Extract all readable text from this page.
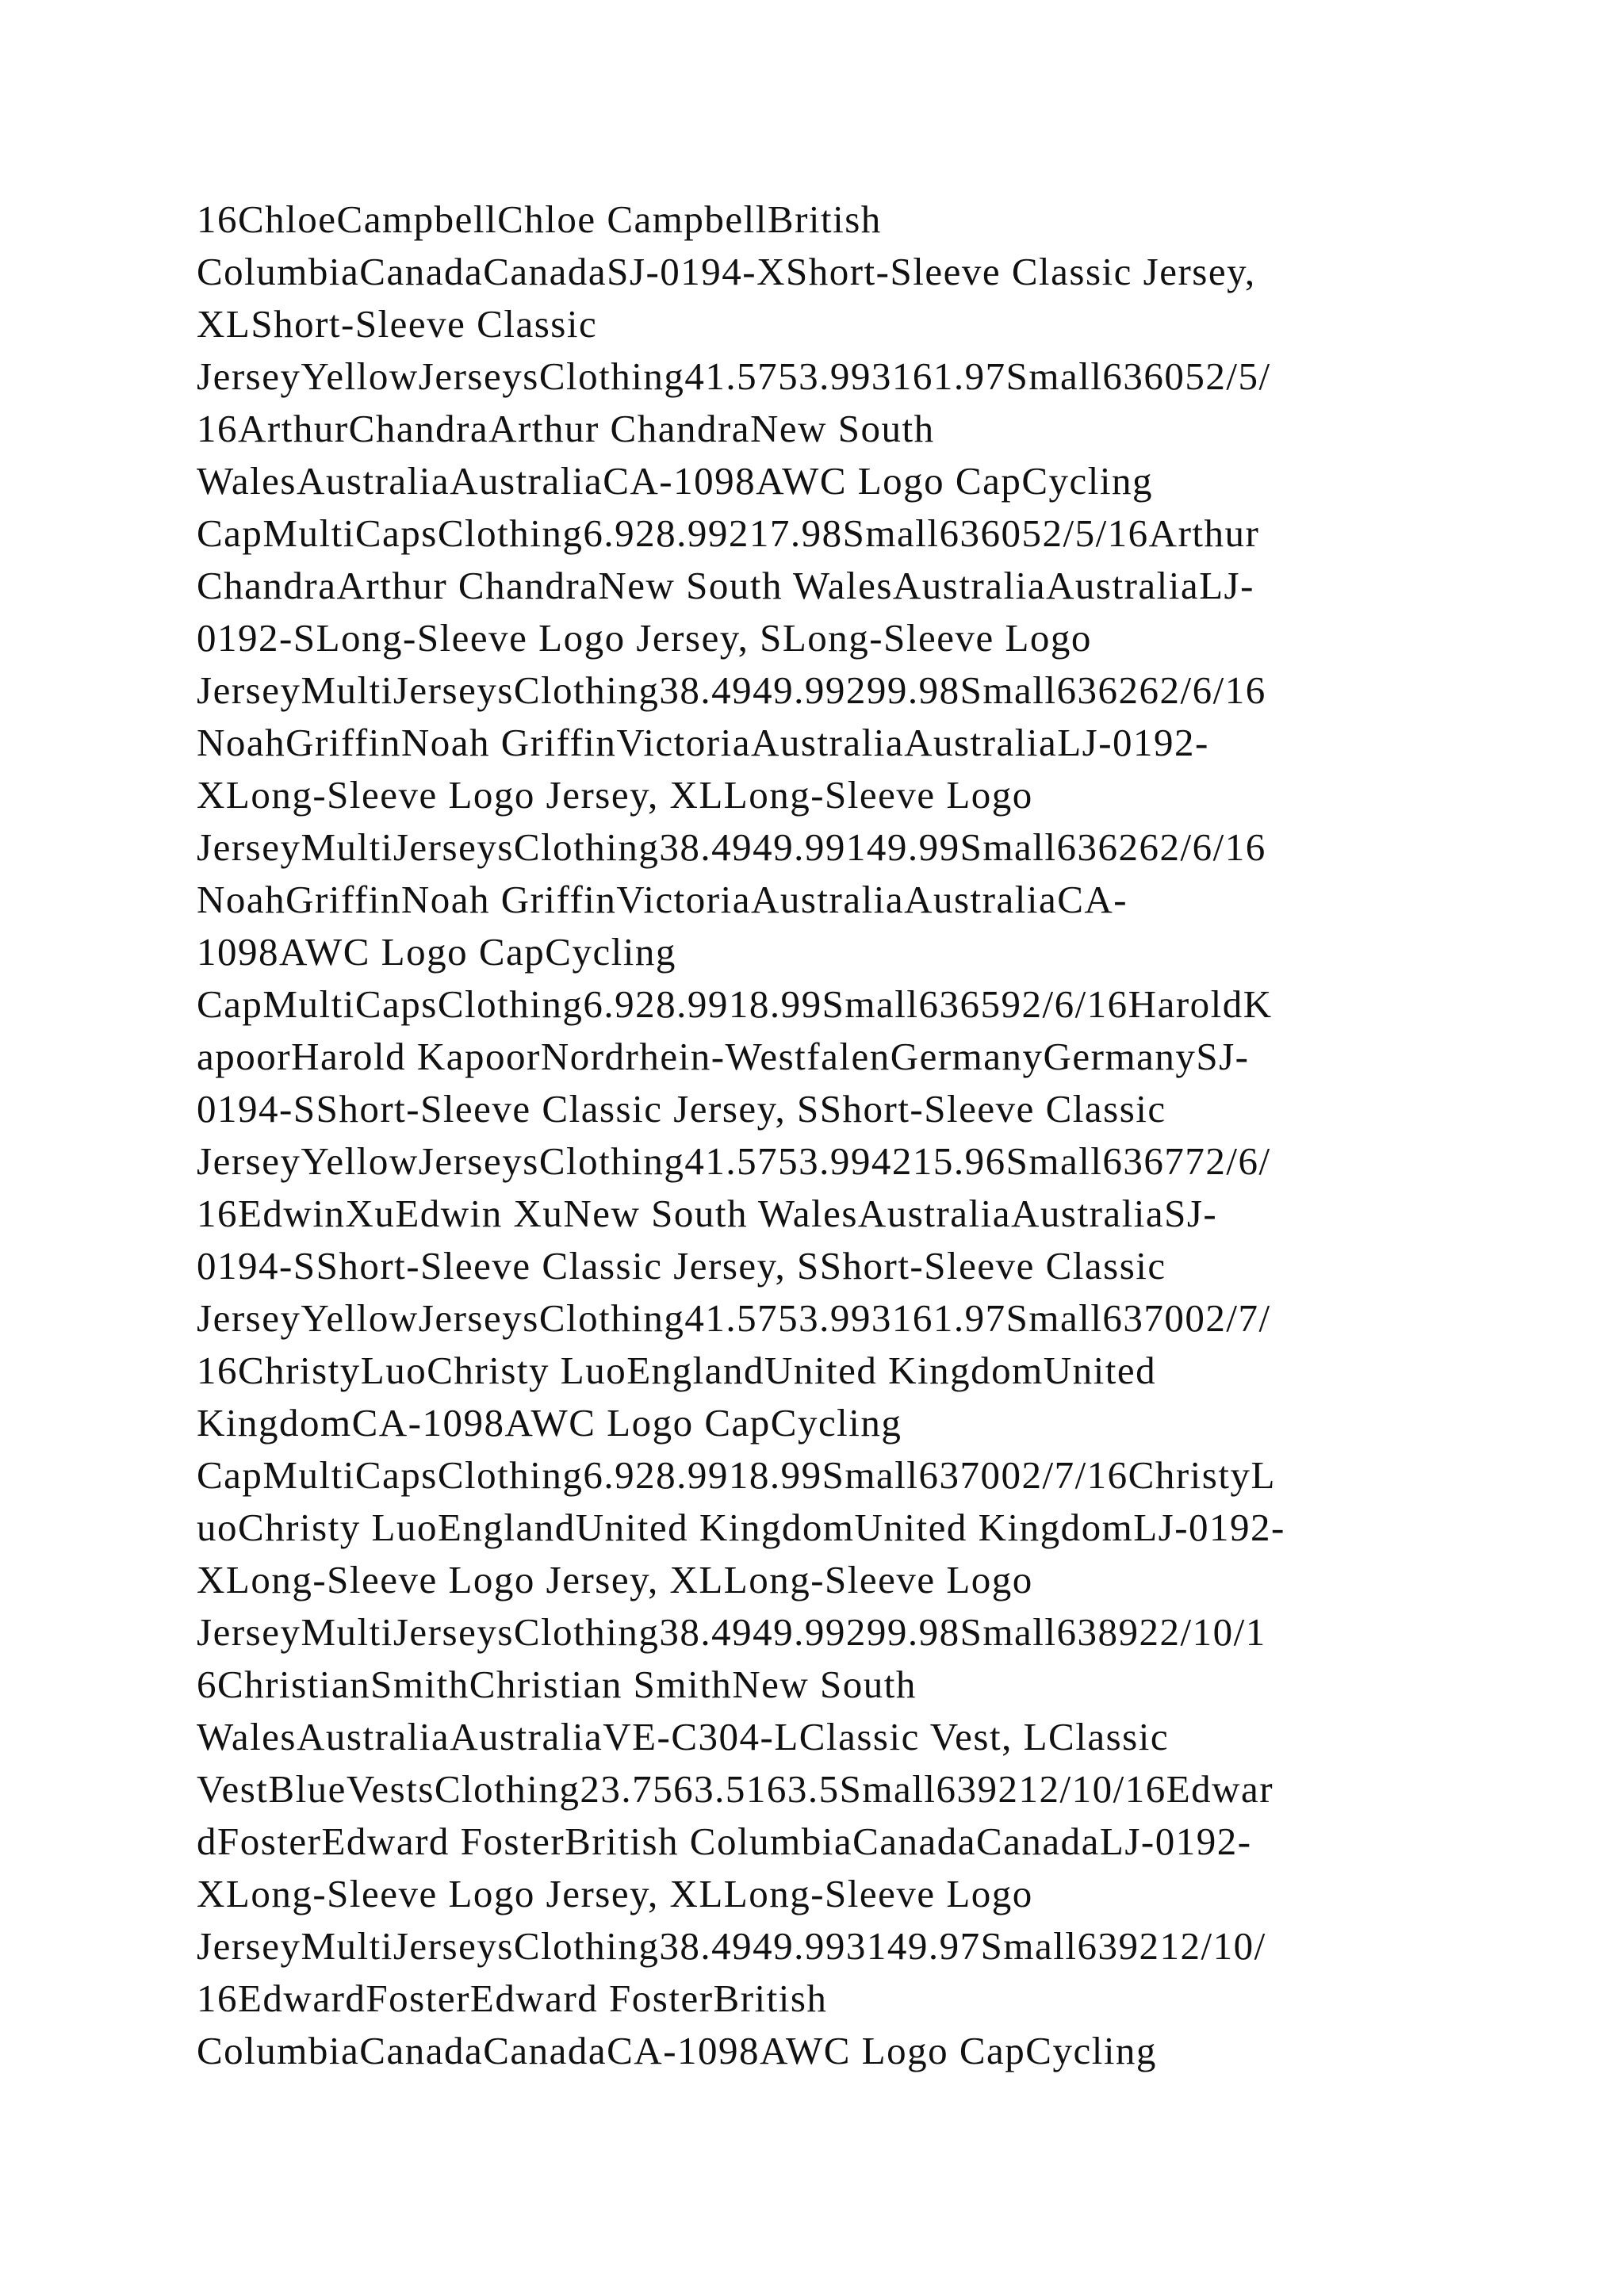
16ChloeCampbellChloe CampbellBritish
ColumbiaCanadaCanadaSJ-0194-XShort-Sleeve Classic Jersey,
XLShort-Sleeve Classic
JerseyYellowJerseysClothing41.5753.993161.97Small636052/5/
16ArthurChandraArthur ChandraNew South
WalesAustraliaAustraliaCA-1098AWC Logo CapCycling
CapMultiCapsClothing6.928.99217.98Small636052/5/16Arthur
ChandraArthur ChandraNew South WalesAustraliaAustraliaLJ-
0192-SLong-Sleeve Logo Jersey, SLong-Sleeve Logo
JerseyMultiJerseysClothing38.4949.99299.98Small636262/6/16
NoahGriffinNoah GriffinVictoriaAustraliaAustraliaLJ-0192-
XLong-Sleeve Logo Jersey, XLLong-Sleeve Logo
JerseyMultiJerseysClothing38.4949.99149.99Small636262/6/16
NoahGriffinNoah GriffinVictoriaAustraliaAustraliaCA-
1098AWC Logo CapCycling
CapMultiCapsClothing6.928.9918.99Small636592/6/16HaroldK
apoorHarold KapoorNordrhein-WestfalenGermanyGermanySJ-
0194-SShort-Sleeve Classic Jersey, SShort-Sleeve Classic
JerseyYellowJerseysClothing41.5753.994215.96Small636772/6/
16EdwinXuEdwin XuNew South WalesAustraliaAustraliaSJ-
0194-SShort-Sleeve Classic Jersey, SShort-Sleeve Classic
JerseyYellowJerseysClothing41.5753.993161.97Small637002/7/
16ChristyLuoChristy LuoEnglandUnited KingdomUnited
KingdomCA-1098AWC Logo CapCycling
CapMultiCapsClothing6.928.9918.99Small637002/7/16ChristyL
uoChristy LuoEnglandUnited KingdomUnited KingdomLJ-0192-
XLong-Sleeve Logo Jersey, XLLong-Sleeve Logo
JerseyMultiJerseysClothing38.4949.99299.98Small638922/10/1
6ChristianSmithChristian SmithNew South
WalesAustraliaAustraliaVE-C304-LClassic Vest, LClassic
VestBlueVestsClothing23.7563.5163.5Small639212/10/16Edwar
dFosterEdward FosterBritish ColumbiaCanadaCanadaLJ-0192-
XLong-Sleeve Logo Jersey, XLLong-Sleeve Logo
JerseyMultiJerseysClothing38.4949.993149.97Small639212/10/
16EdwardFosterEdward FosterBritish
ColumbiaCanadaCanadaCA-1098AWC Logo CapCycling
